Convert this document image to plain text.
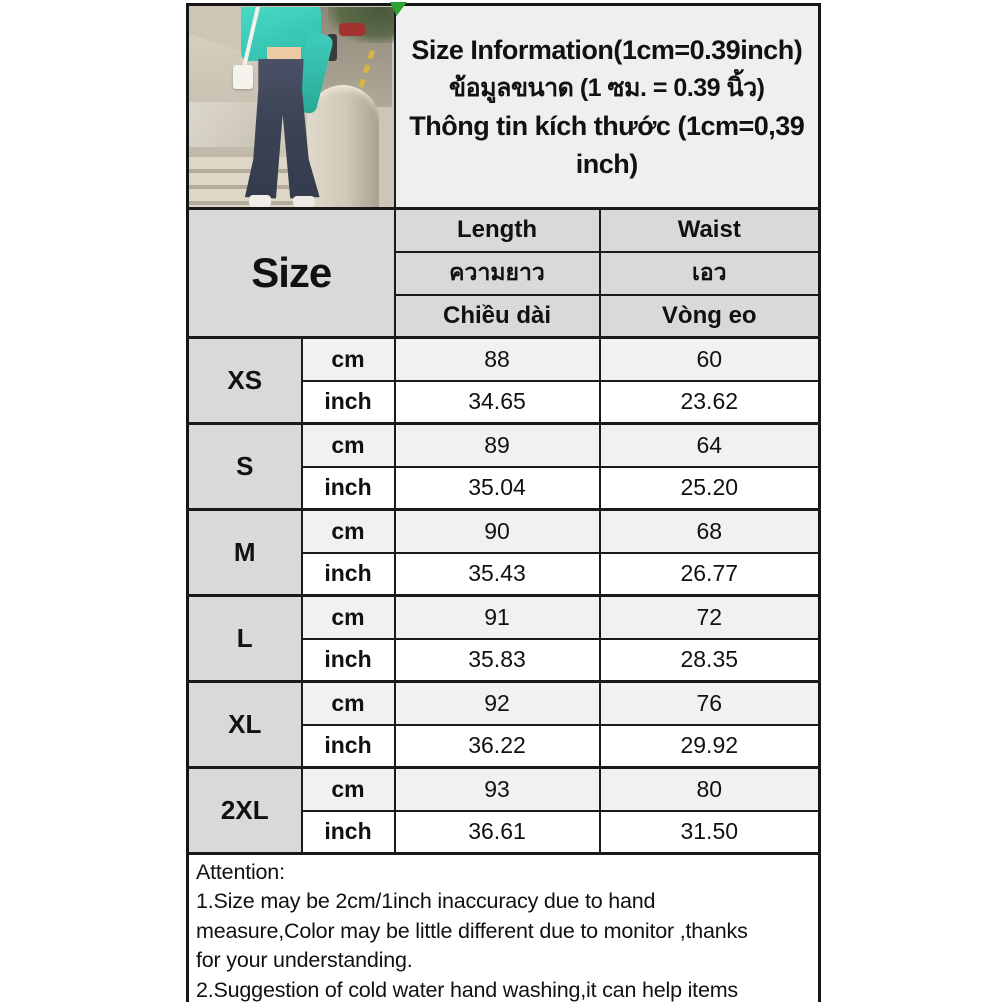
		Size Information(1cm=0.39inch)
ข้อมูลขนาด (1 ซม. = 0.39 นิ้ว)
Thông tin kích thước (1cm=0,39 inch)	

Size		Length	Waist
		ความยาว	เอว
		Chiều dài	Vòng eo
XS	cm	88	60
	inch	34.65	23.62
S	cm	89	64
	inch	35.04	25.20
M	cm	90	68
	inch	35.43	26.77
L	cm	91	72
	inch	35.83	28.35
XL	cm	92	76
	inch	36.22	29.92
2XL	cm	93	80
	inch	36.61	31.50

Attention:
1.Size may be 2cm/1inch inaccuracy due to hand
measure,Color may be little different due to monitor ,thanks
for your understanding.
2.Suggestion of cold water hand washing,it can help items			
